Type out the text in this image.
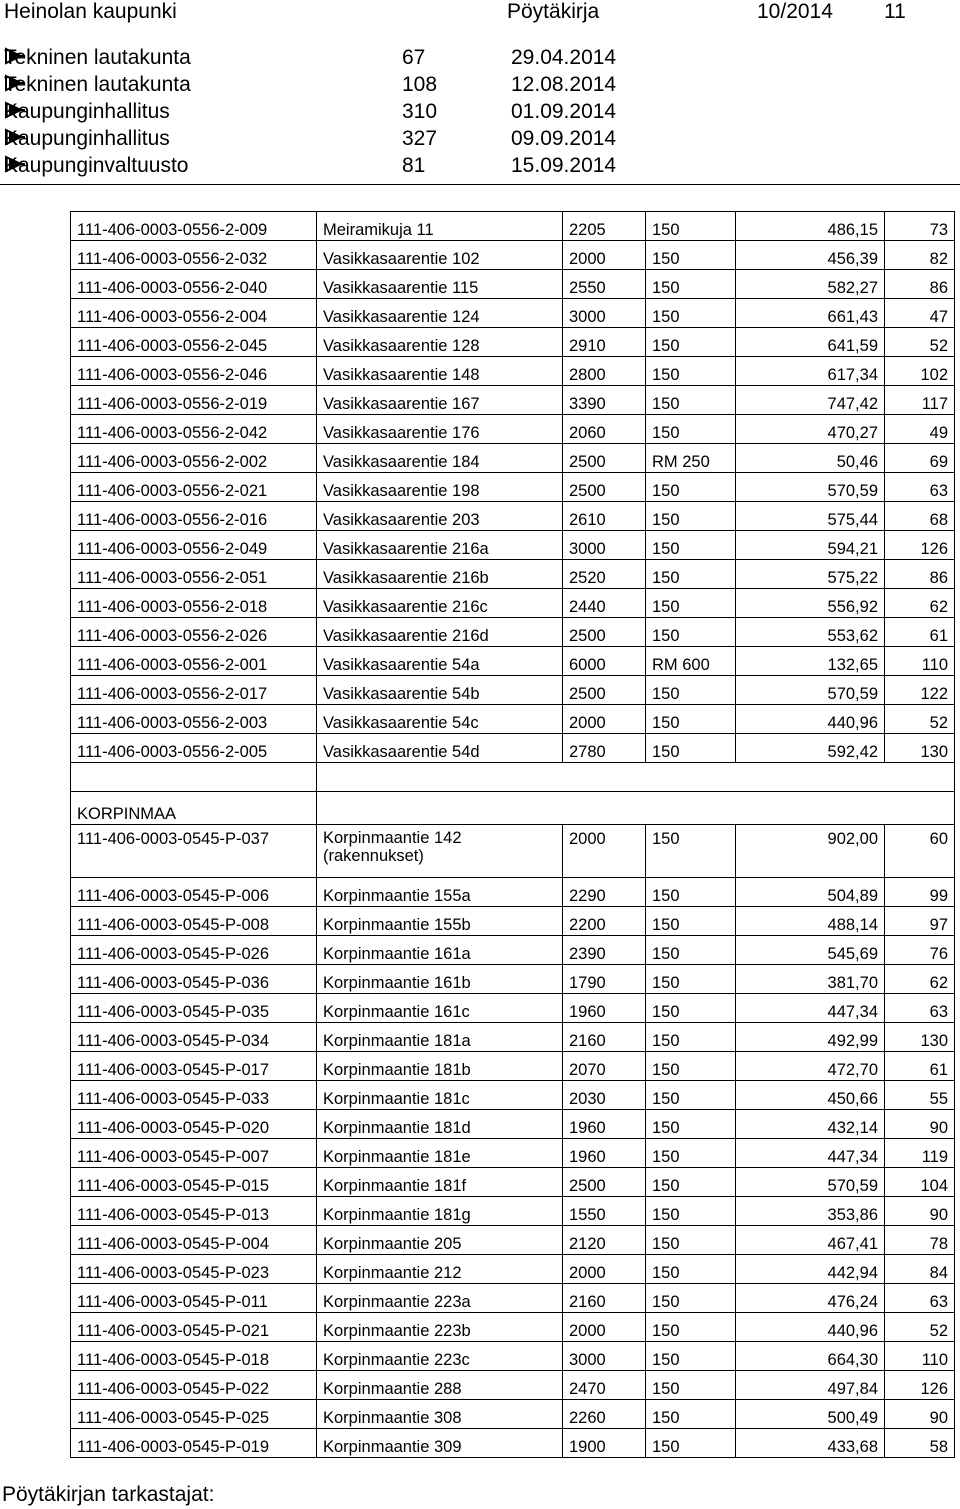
Heinolan kaupunki	Pöytäkirja	10/2014 11
Tekninen lautakunta	67	29.04.2014
Tekninen lautakunta	108	12.08.2014
Kaupunginhallitus	310	01.09.2014
Kaupunginhallitus	327	09.09.2014
Kaupunginvaltuusto	81	15.09.2014
111-406-0003-0556-2-009	Meiramikuja 11	2205	150	486,15	73
111-406-0003-0556-2-032	Vasikkasaarentie 102	2000	150	456,39	82
111-406-0003-0556-2-040	Vasikkasaarentie 115	2550	150	582,27	86
111-406-0003-0556-2-004	Vasikkasaarentie 124	3000	150	661,43	47
111-406-0003-0556-2-045	Vasikkasaarentie 128	2910	150	641,59	52
111-406-0003-0556-2-046	Vasikkasaarentie 148	2800	150	617,34	102
111-406-0003-0556-2-019	Vasikkasaarentie 167	3390	150	747,42	117
111-406-0003-0556-2-042	Vasikkasaarentie 176	2060	150	470,27	49
111-406-0003-0556-2-002	Vasikkasaarentie 184	2500	RM 250	50,46	69
111-406-0003-0556-2-021	Vasikkasaarentie 198	2500	150	570,59	63
111-406-0003-0556-2-016	Vasikkasaarentie 203	2610	150	575,44	68
111-406-0003-0556-2-049	Vasikkasaarentie 216a	3000	150	594,21	126
111-406-0003-0556-2-051	Vasikkasaarentie 216b	2520	150	575,22	86
111-406-0003-0556-2-018	Vasikkasaarentie 216c	2440	150	556,92	62
111-406-0003-0556-2-026	Vasikkasaarentie 216d	2500	150	553,62	61
111-406-0003-0556-2-001	Vasikkasaarentie 54a	6000	RM 600	132,65	110
111-406-0003-0556-2-017	Vasikkasaarentie 54b	2500	150	570,59	122
111-406-0003-0556-2-003	Vasikkasaarentie 54c	2000	150	440,96	52
111-406-0003-0556-2-005	Vasikkasaarentie 54d	2780	150	592,42	130

KORPINMAA					
111-406-0003-0545-P-037	Korpinmaantie 142 (rakennukset)	2000	150	902,00	60
111-406-0003-0545-P-006	Korpinmaantie 155a	2290	150	504,89	99
111-406-0003-0545-P-008	Korpinmaantie 155b	2200	150	488,14	97
111-406-0003-0545-P-026	Korpinmaantie 161a	2390	150	545,69	76
111-406-0003-0545-P-036	Korpinmaantie 161b	1790	150	381,70	62
111-406-0003-0545-P-035	Korpinmaantie 161c	1960	150	447,34	63
111-406-0003-0545-P-034	Korpinmaantie 181a	2160	150	492,99	130
111-406-0003-0545-P-017	Korpinmaantie 181b	2070	150	472,70	61
111-406-0003-0545-P-033	Korpinmaantie 181c	2030	150	450,66	55
111-406-0003-0545-P-020	Korpinmaantie 181d	1960	150	432,14	90
111-406-0003-0545-P-007	Korpinmaantie 181e	1960	150	447,34	119
111-406-0003-0545-P-015	Korpinmaantie 181f	2500	150	570,59	104
111-406-0003-0545-P-013	Korpinmaantie 181g	1550	150	353,86	90
111-406-0003-0545-P-004	Korpinmaantie 205	2120	150	467,41	78
111-406-0003-0545-P-023	Korpinmaantie 212	2000	150	442,94	84
111-406-0003-0545-P-011	Korpinmaantie 223a	2160	150	476,24	63
111-406-0003-0545-P-021	Korpinmaantie 223b	2000	150	440,96	52
111-406-0003-0545-P-018	Korpinmaantie 223c	3000	150	664,30	110
111-406-0003-0545-P-022	Korpinmaantie 288	2470	150	497,84	126
111-406-0003-0545-P-025	Korpinmaantie 308	2260	150	500,49	90
111-406-0003-0545-P-019	Korpinmaantie 309	1900	150	433,68	58
Pöytäkirjan tarkastajat:
